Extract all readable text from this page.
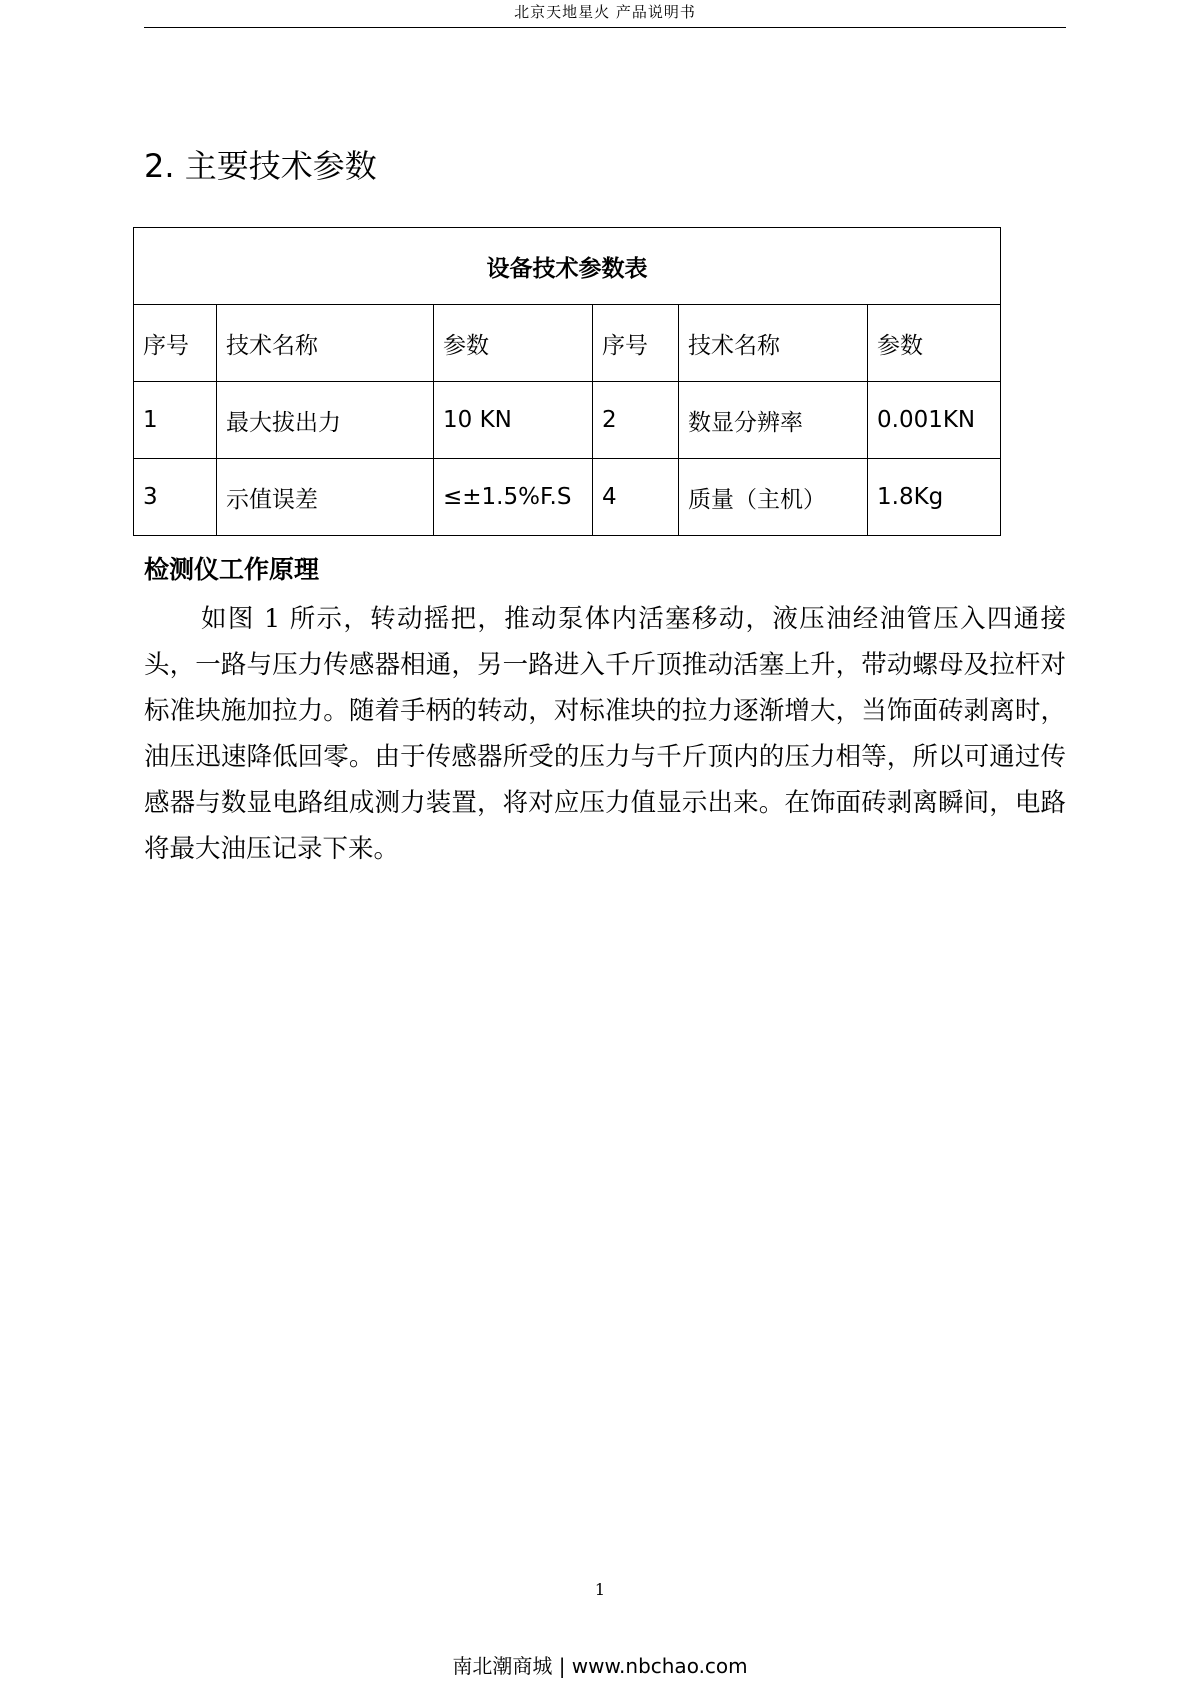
北京天地星火 产品说明书
2. 主要技术参数
设备技术参数表					
序号	技术名称	参数	序号	技术名称	参数
1	最大拔出力	10 KN	2	数显分辨率	0.001KN
3	示值误差	≤±1.5%F.S	4	质量（主机）	1.8Kg
检测仪工作原理

如图 1 所示，转动摇把，推动泵体内活塞移动，液压油经油管压入四通接头，一路与压力传感器相通，另一路进入千斤顶推动活塞上升，带动螺母及拉杆对标准块施加拉力。随着手柄的转动，对标准块的拉力逐渐增大，当饰面砖剥离时，油压迅速降低回零。由于传感器所受的压力与千斤顶内的压力相等，所以可通过传感器与数显电路组成测力装置，将对应压力值显示出来。在饰面砖剥离瞬间，电路将最大油压记录下来。

1
南北潮商城 | www.nbchao.com
